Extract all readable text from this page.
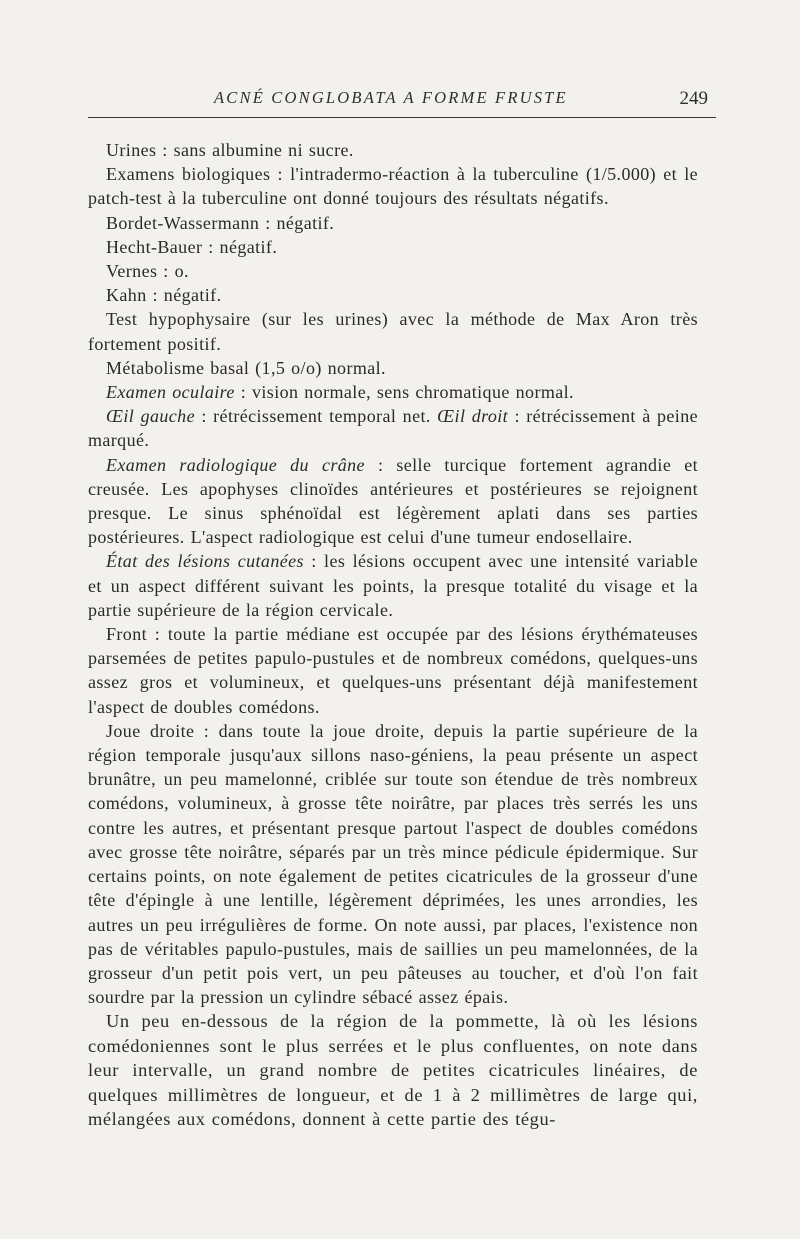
ACNÉ CONGLOBATA A FORME FRUSTE	249

Urines : sans albumine ni sucre.

Examens biologiques : l'intradermo-réaction à la tuberculine (1/5.000) et le patch-test à la tuberculine ont donné toujours des résultats négatifs.

Bordet-Wassermann : négatif.

Hecht-Bauer : négatif.

Vernes : o.

Kahn : négatif.

Test hypophysaire (sur les urines) avec la méthode de Max Aron très fortement positif.

Métabolisme basal (1,5 o/o) normal.

Examen oculaire : vision normale, sens chromatique normal.

Œil gauche : rétrécissement temporal net. Œil droit : rétrécissement à peine marqué.

Examen radiologique du crâne : selle turcique fortement agrandie et creusée. Les apophyses clinoïdes antérieures et postérieures se rejoignent presque. Le sinus sphénoïdal est légèrement aplati dans ses parties postérieures. L'aspect radiologique est celui d'une tumeur endosellaire.

État des lésions cutanées : les lésions occupent avec une intensité variable et un aspect différent suivant les points, la presque totalité du visage et la partie supérieure de la région cervicale.

Front : toute la partie médiane est occupée par des lésions érythémateuses parsemées de petites papulo-pustules et de nombreux comédons, quelques-uns assez gros et volumineux, et quelques-uns présentant déjà manifestement l'aspect de doubles comédons.

Joue droite : dans toute la joue droite, depuis la partie supérieure de la région temporale jusqu'aux sillons naso-géniens, la peau présente un aspect brunâtre, un peu mamelonné, criblée sur toute son étendue de très nombreux comédons, volumineux, à grosse tête noirâtre, par places très serrés les uns contre les autres, et présentant presque partout l'aspect de doubles comédons avec grosse tête noirâtre, séparés par un très mince pédicule épidermique. Sur certains points, on note également de petites cicatricules de la grosseur d'une tête d'épingle à une lentille, légèrement déprimées, les unes arrondies, les autres un peu irrégulières de forme. On note aussi, par places, l'existence non pas de véritables papulo-pustules, mais de saillies un peu mamelonnées, de la grosseur d'un petit pois vert, un peu pâteuses au toucher, et d'où l'on fait sourdre par la pression un cylindre sébacé assez épais.

Un peu en-dessous de la région de la pommette, là où les lésions comédoniennes sont le plus serrées et le plus confluentes, on note dans leur intervalle, un grand nombre de petites cicatricules linéaires, de quelques millimètres de longueur, et de 1 à 2 millimètres de large qui, mélangées aux comédons, donnent à cette partie des tégu-
